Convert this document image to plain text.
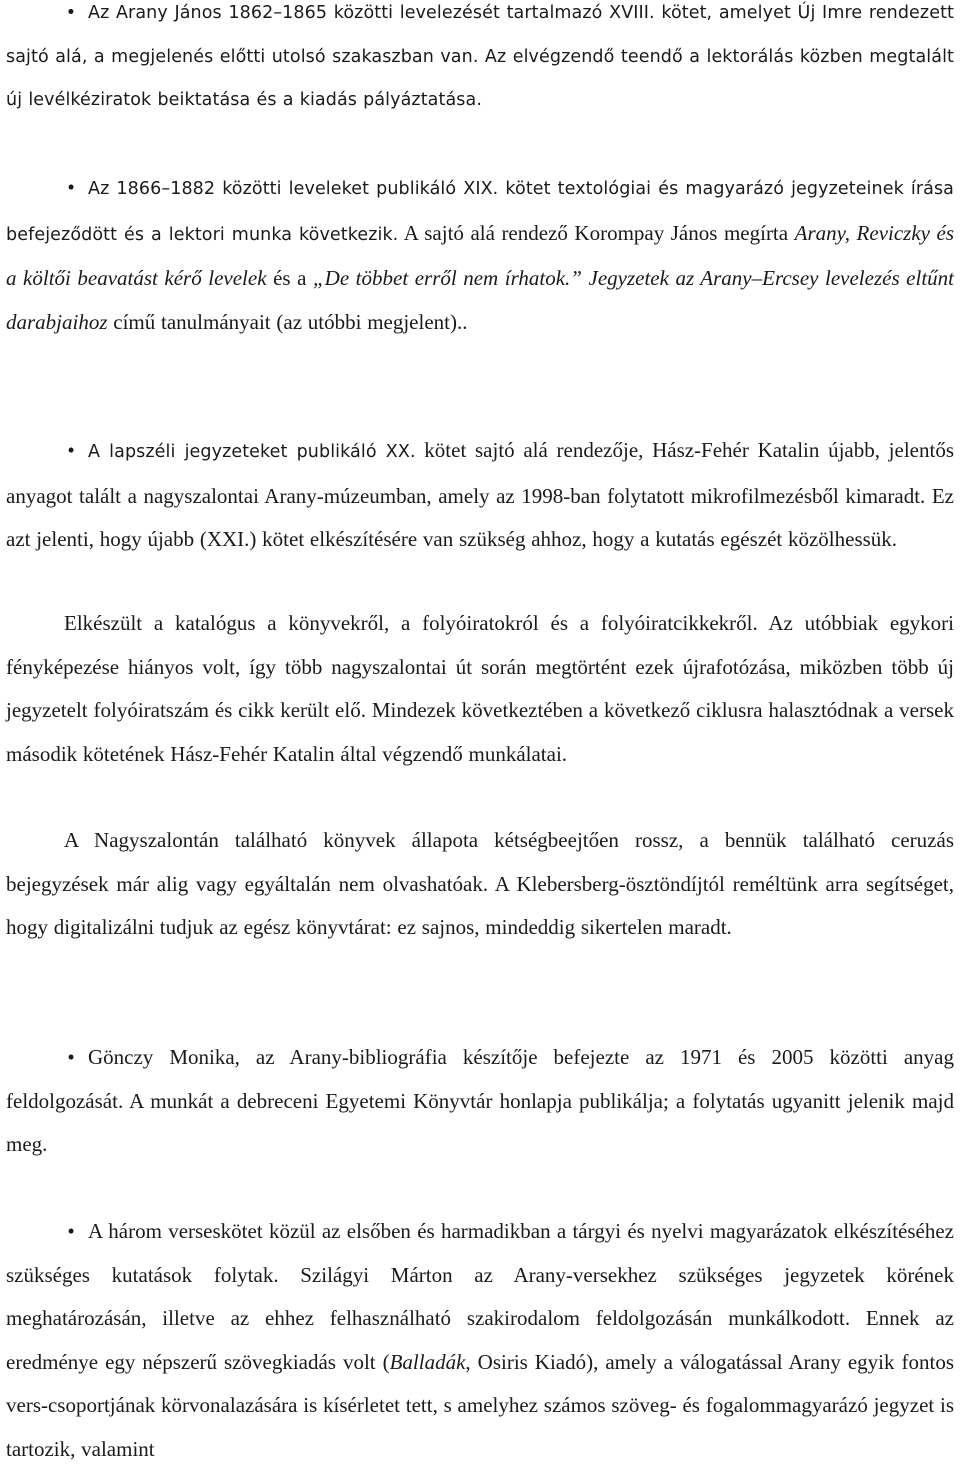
• Az Arany János 1862–1865 közötti levelezését tartalmazó XVIII. kötet, amelyet Új Imre rendezett sajtó alá, a megjelenés előtti utolsó szakaszban van. Az elvégzendő teendő a lektorálás közben megtalált új levélkéziratok beiktatása és a kiadás pályáztatása.

• Az 1866–1882 közötti leveleket publikáló XIX. kötet textológiai és magyarázó jegyzeteinek írása befejeződött és a lektori munka következik. A sajtó alá rendező Korompay János megírta Arany, Reviczky és a költői beavatást kérő levelek és a „De többet erről nem írhatok.” Jegyzetek az Arany–Ercsey levelezés eltűnt darabjaihoz című tanulmányait (az utóbbi megjelent)..

• A lapszéli jegyzeteket publikáló XX. kötet sajtó alá rendezője, Hász-Fehér Katalin újabb, jelentős anyagot talált a nagyszalontai Arany-múzeumban, amely az 1998-ban folytatott mikrofilmezésből kimaradt. Ez azt jelenti, hogy újabb (XXI.) kötet elkészítésére van szükség ahhoz, hogy a kutatás egészét közölhessük.

Elkészült a katalógus a könyvekről, a folyóiratokról és a folyóiratcikkekről. Az utóbbiak egykori fényképezése hiányos volt, így több nagyszalontai út során megtörtént ezek újrafotózása, miközben több új jegyzetelt folyóiratszám és cikk került elő. Mindezek következtében a következő ciklusra halasztódnak a versek második kötetének Hász-Fehér Katalin által végzendő munkálatai.

A Nagyszalontán található könyvek állapota kétségbeejtően rossz, a bennük található ceruzás bejegyzések már alig vagy egyáltalán nem olvashatóak. A Klebersberg-ösztöndíjtól reméltünk arra segítséget, hogy digitalizálni tudjuk az egész könyvtárat: ez sajnos, mindeddig sikertelen maradt.

• Gönczy Monika, az Arany-bibliográfia készítője befejezte az 1971 és 2005 közötti anyag feldolgozását. A munkát a debreceni Egyetemi Könyvtár honlapja publikálja; a folytatás ugyanitt jelenik majd meg.

• A három verseskötet közül az elsőben és harmadikban a tárgyi és nyelvi magyarázatok elkészítéséhez szükséges kutatások folytak. Szilágyi Márton az Arany-versekhez szükséges jegyzetek körének meghatározásán, illetve az ehhez felhasználható szakirodalom feldolgozásán munkálkodott. Ennek az eredménye egy népszerű szövegkiadás volt (Balladák, Osiris Kiadó), amely a válogatással Arany egyik fontos vers-csoportjának körvonalazására is kísérletet tett, s amelyhez számos szöveg- és fogalommagyarázó jegyzet is tartozik, valamint
